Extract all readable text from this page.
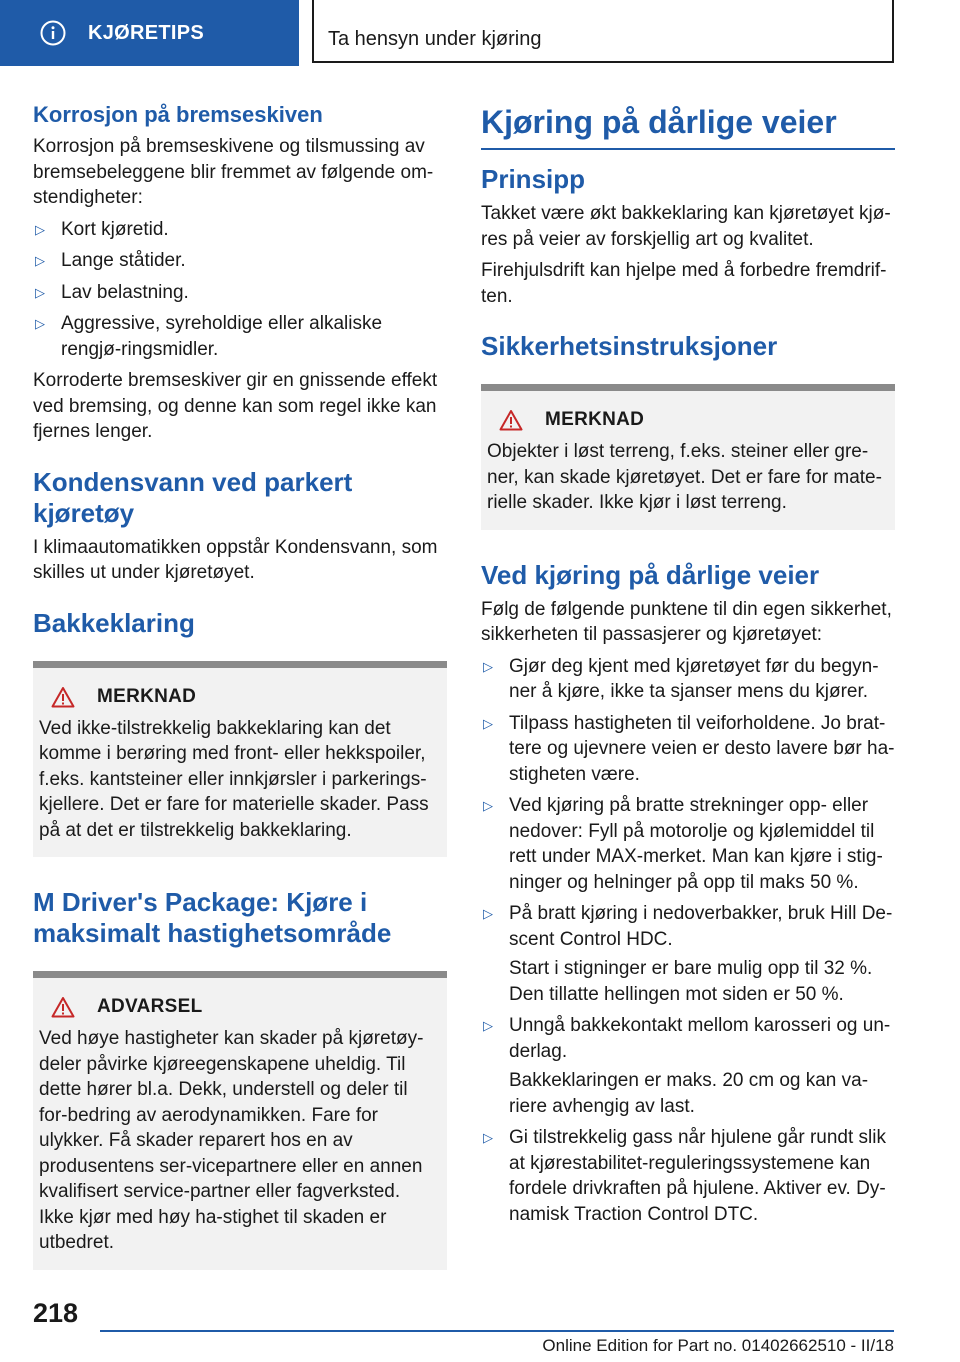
KJØRETIPS	Ta hensyn under kjøring
Korrosjon på bremseskiven

Korrosjon på bremseskivene og tilsmussing av bremsebeleggene blir fremmet av følgende om-stendigheter:

▷ Kort kjøretid.
▷ Lange ståtider.
▷ Lav belastning.
▷ Aggressive, syreholdige eller alkaliske rengjø-ringsmidler.

Korroderte bremseskiver gir en gnissende effekt ved bremsing, og denne kan som regel ikke kan fjernes lenger.

Kondensvann ved parkert kjøretøy

I klimaautomatikken oppstår Kondensvann, som skilles ut under kjøretøyet.

Bakkeklaring
MERKNAD

Ved ikke-tilstrekkelig bakkeklaring kan det komme i berøring med front- eller hekkspoiler, f.eks. kantsteiner eller innkjørsler i parkerings-kjellere. Det er fare for materielle skader. Pass på at det er tilstrekkelig bakkeklaring.

M Driver's Package: Kjøre i maksimalt hastighetsområde
ADVARSEL

Ved høye hastigheter kan skader på kjøretøy-deler påvirke kjøreegenskapene uheldig. Til dette hører bl.a. Dekk, understell og deler til for-bedring av aerodynamikken. Fare for ulykker. Få skader reparert hos en av produsentens ser-vicepartnere eller en annen kvalifisert service-partner eller fagverksted. Ikke kjør med høy ha-stighet til skaden er utbedret.

Kjøring på dårlige veier
Prinsipp

Takket være økt bakkeklaring kan kjøretøyet kjø-res på veier av forskjellig art og kvalitet.

Firehjulsdrift kan hjelpe med å forbedre fremdrif-ten.

Sikkerhetsinstruksjoner
MERKNAD

Objekter i løst terreng, f.eks. steiner eller gre-ner, kan skade kjøretøyet. Det er fare for mate-rielle skader. Ikke kjør i løst terreng.

Ved kjøring på dårlige veier

Følg de følgende punktene til din egen sikkerhet, sikkerheten til passasjerer og kjøretøyet:

▷ Gjør deg kjent med kjøretøyet før du begyn-ner å kjøre, ikke ta sjanser mens du kjører.
▷ Tilpass hastigheten til veiforholdene. Jo brat-tere og ujevnere veien er desto lavere bør ha-stigheten være.
▷ Ved kjøring på bratte strekninger opp- eller nedover: Fyll på motorolje og kjølemiddel til rett under MAX-merket. Man kan kjøre i stig-ninger og helninger på opp til maks 50 %.
▷ På bratt kjøring i nedoverbakker, bruk Hill De-scent Control HDC.

Start i stigninger er bare mulig opp til 32 %. Den tillatte hellingen mot siden er 50 %.

▷ Unngå bakkekontakt mellom karosseri og un-derlag.

Bakkeklaringen er maks. 20 cm og kan va-riere avhengig av last.

▷ Gi tilstrekkelig gass når hjulene går rundt slik at kjørestabilitet-reguleringssystemene kan fordele drivkraften på hjulene. Aktiver ev. Dy-namisk Traction Control DTC.
218
Online Edition for Part no. 01402662510 - II/18
